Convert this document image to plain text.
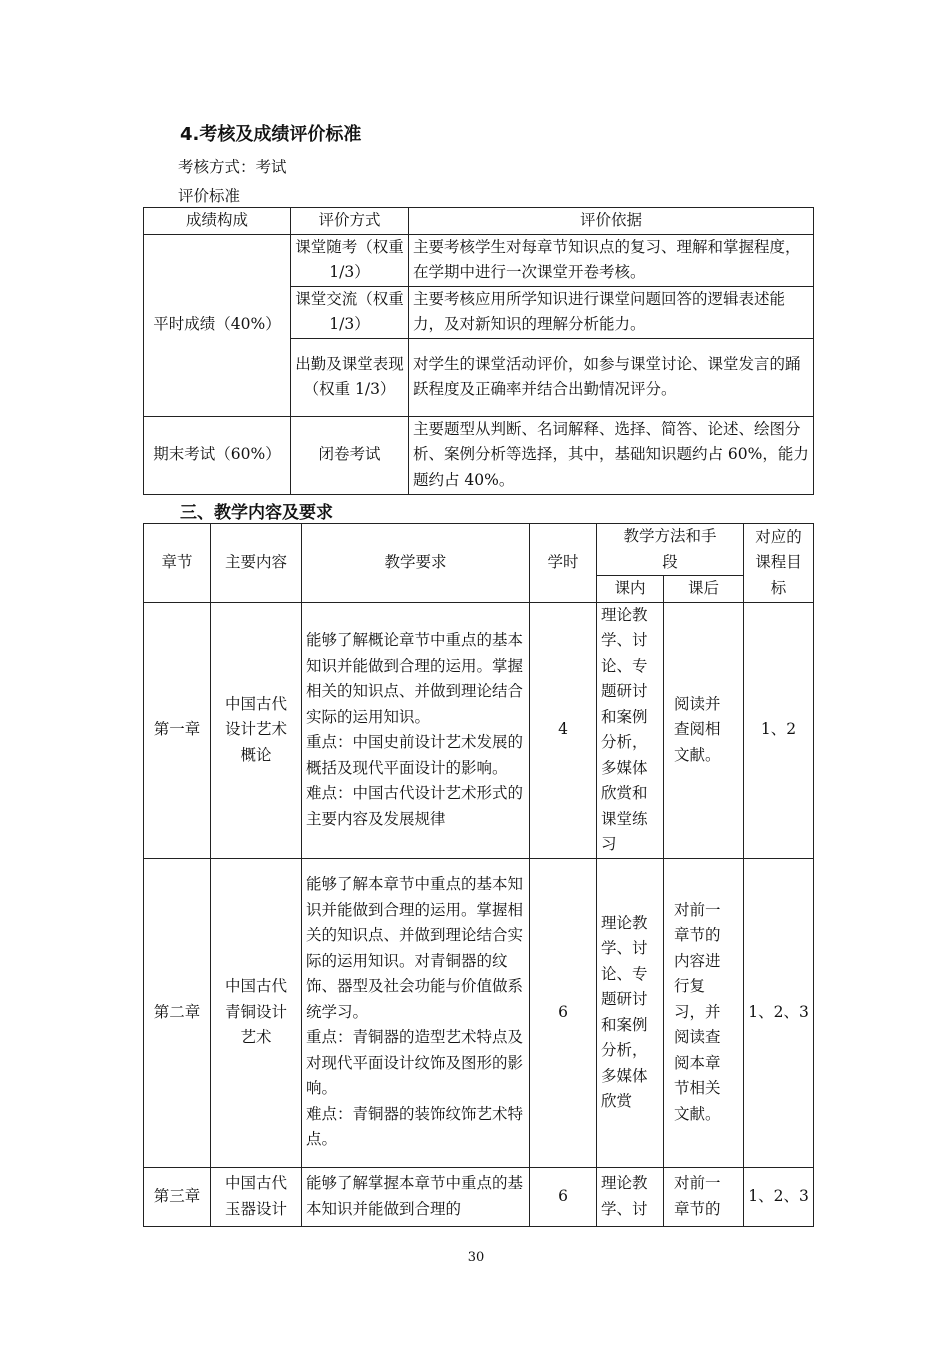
4.考核及成绩评价标准
考核方式：考试
评价标准
成绩构成	评价方式	评价依据
平时成绩（40%）	课堂随考（权重 1/3）	主要考核学生对每章节知识点的复习、理解和掌握程度，在学期中进行一次课堂开卷考核。
	课堂交流（权重 1/3）	主要考核应用所学知识进行课堂问题回答的逻辑表述能力，及对新知识的理解分析能力。
	出勤及课堂表现（权重 1/3）	对学生的课堂活动评价，如参与课堂讨论、课堂发言的踊跃程度及正确率并结合出勤情况评分。
期末考试（60%）	闭卷考试	主要题型从判断、名词解释、选择、简答、论述、绘图分析、案例分析等选择，其中，基础知识题约占 60%，能力题约占 40%。
三、教学内容及要求
章节	主要内容	教学要求	学时	教学方法和手段		对应的课程目标
				课内	课后	
第一章	中国古代设计艺术概论	能够了解概论章节中重点的基本知识并能做到合理的运用。掌握相关的知识点、并做到理论结合实际的运用知识。
重点：中国史前设计艺术发展的概括及现代平面设计的影响。
难点：中国古代设计艺术形式的主要内容及发展规律	4	理论教学、讨论、专题研讨和案例分析，多媒体欣赏和课堂练习	阅读并查阅相文献。	1、2
第二章	中国古代青铜设计艺术	能够了解本章节中重点的基本知识并能做到合理的运用。掌握相关的知识点、并做到理论结合实际的运用知识。对青铜器的纹饰、器型及社会功能与价值做系统学习。
重点：青铜器的造型艺术特点及对现代平面设计纹饰及图形的影响。
难点：青铜器的装饰纹饰艺术特点。	6	理论教学、讨论、专题研讨和案例分析，多媒体欣赏	对前一章节的内容进行复习，并阅读查阅本章节相关文献。	1、2、3
第三章	中国古代玉器设计	能够了解掌握本章节中重点的基本知识并能做到合理的	6	理论教学、讨	对前一章节的	1、2、3
30
